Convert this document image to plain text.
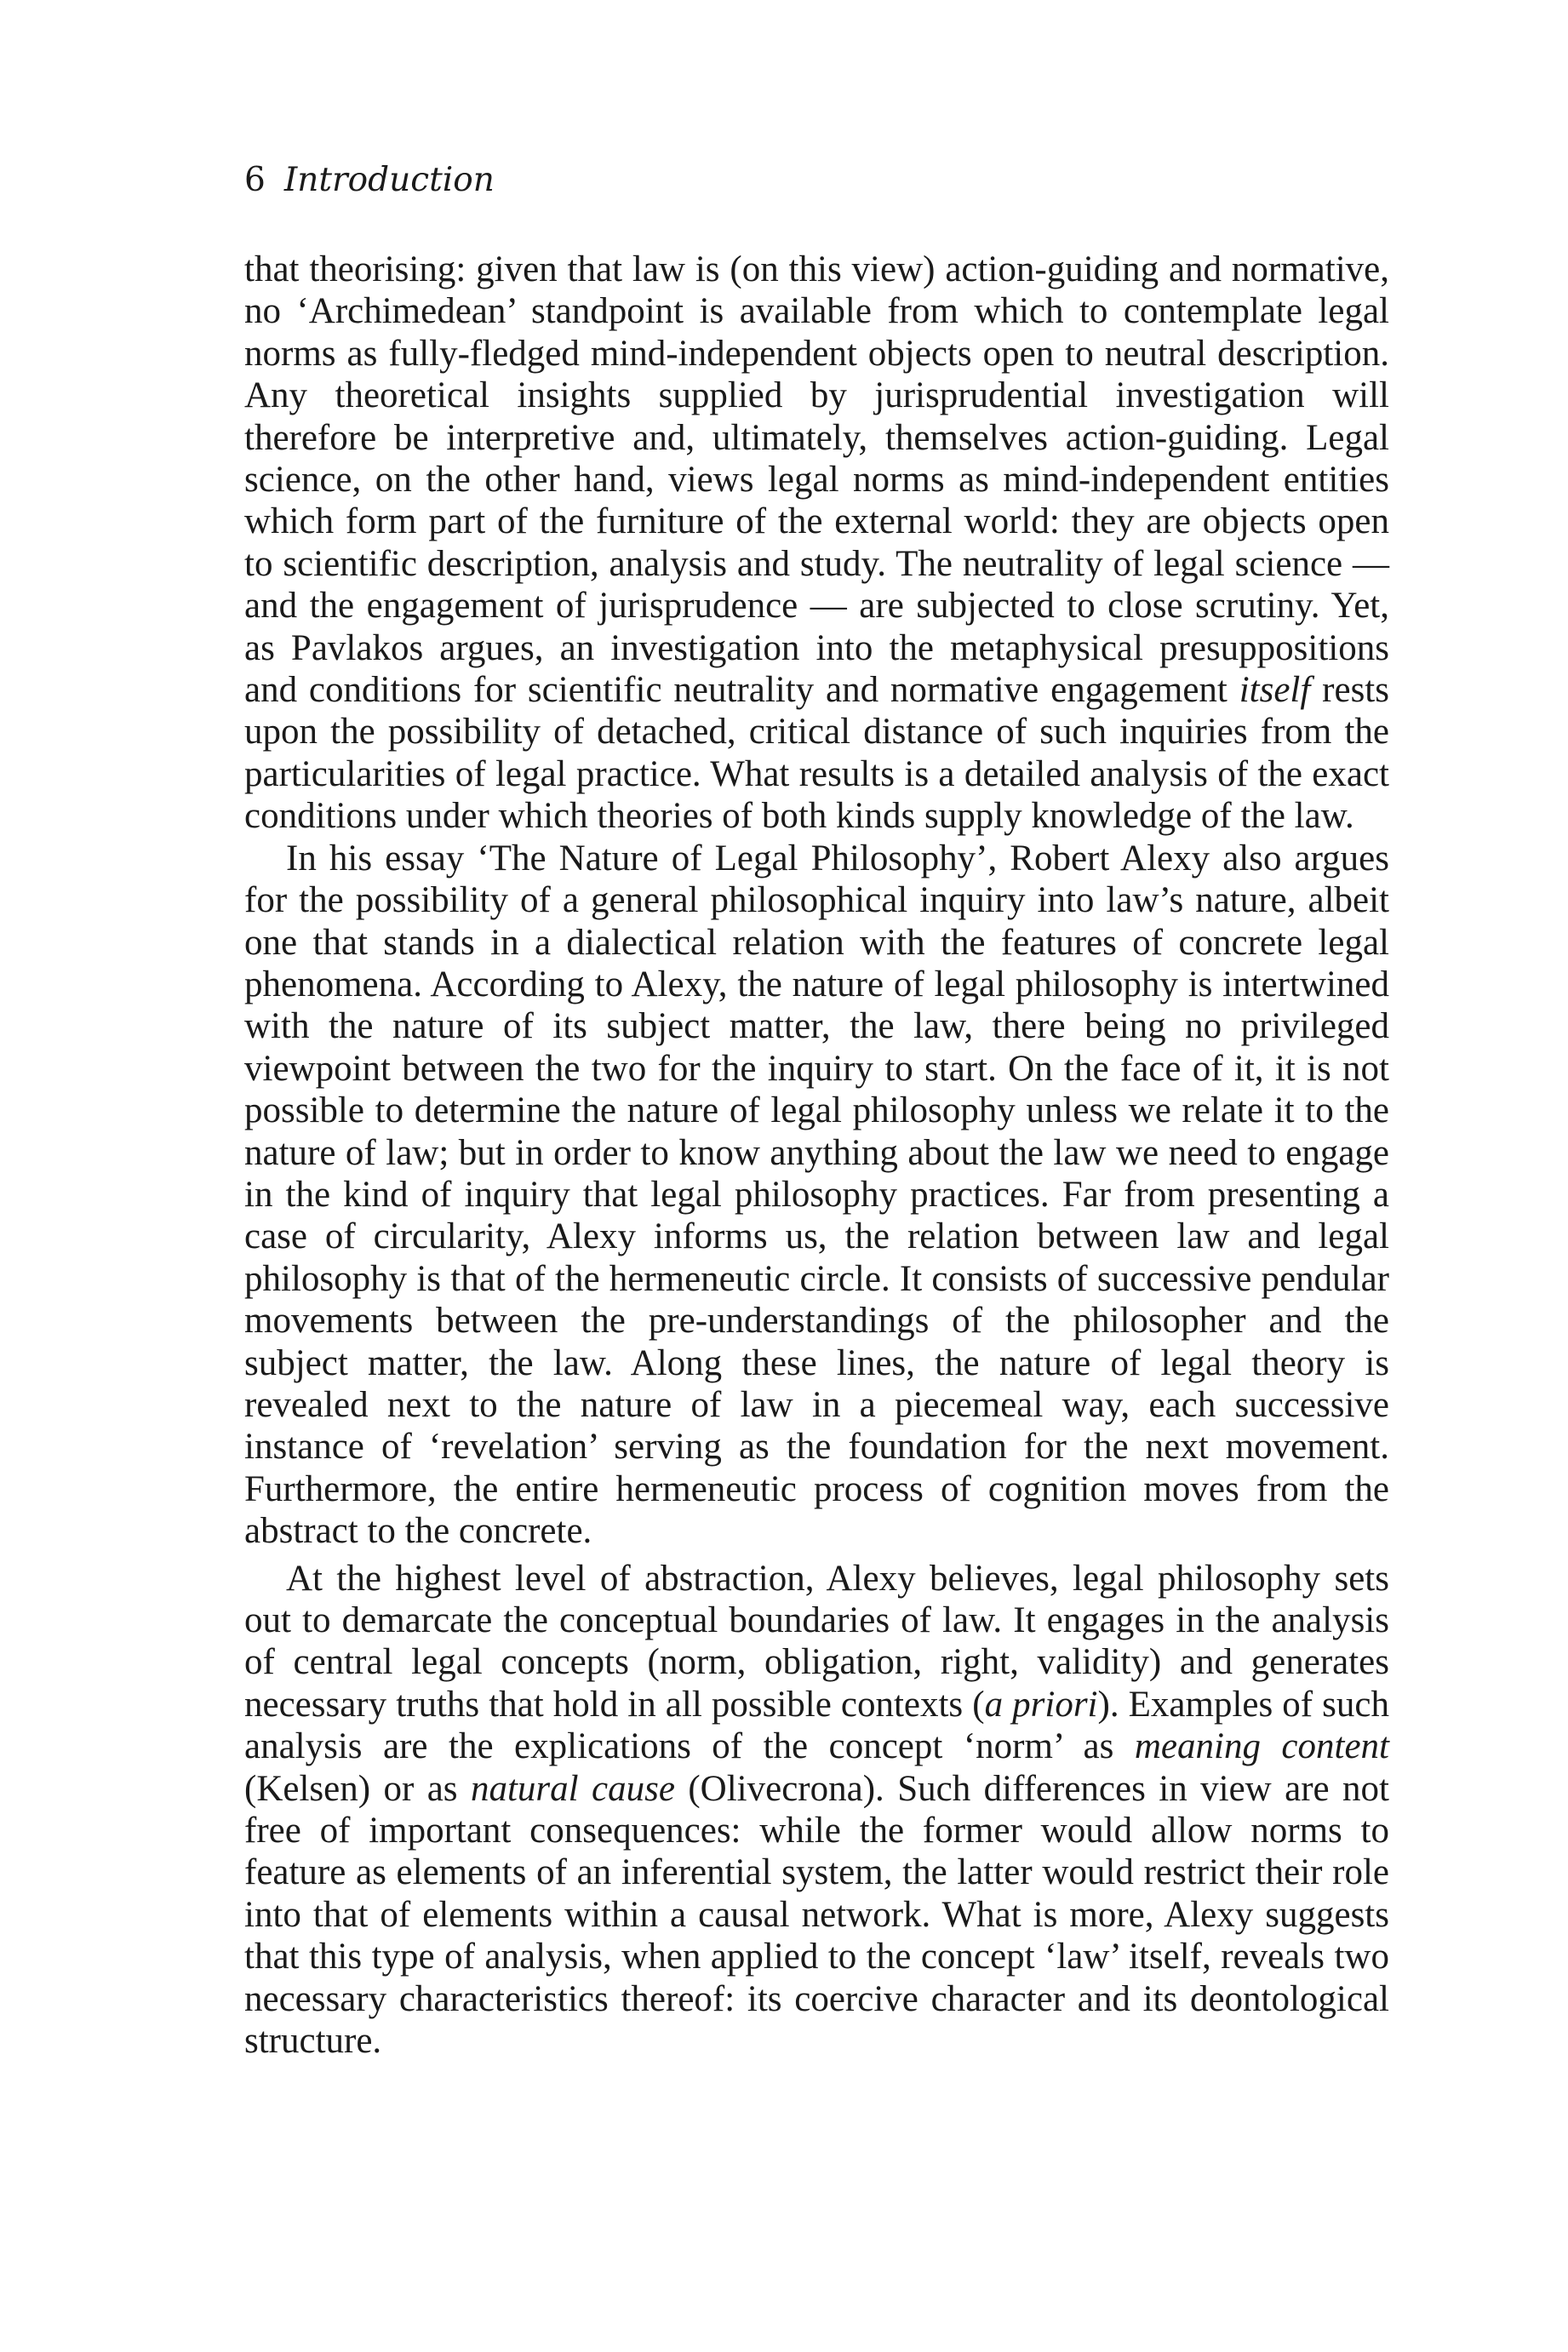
6 Introduction

that theorising: given that law is (on this view) action-guiding and normative, no ‘Archimedean’ standpoint is available from which to contemplate legal norms as fully-fledged mind-independent objects open to neutral description. Any theoretical insights supplied by jurisprudential investigation will therefore be interpretive and, ultimately, themselves action-guiding. Legal science, on the other hand, views legal norms as mind-independent entities which form part of the furniture of the external world: they are objects open to scientific description, analysis and study. The neutrality of legal science — and the engagement of jurisprudence — are subjected to close scrutiny. Yet, as Pavlakos argues, an investigation into the metaphysical presuppositions and conditions for scientific neutrality and normative engagement itself rests upon the possibility of detached, critical distance of such inquiries from the particularities of legal practice. What results is a detailed analysis of the exact conditions under which theories of both kinds supply knowledge of the law.

In his essay ‘The Nature of Legal Philosophy’, Robert Alexy also argues for the possibility of a general philosophical inquiry into law’s nature, albeit one that stands in a dialectical relation with the features of concrete legal phenomena. According to Alexy, the nature of legal philosophy is intertwined with the nature of its subject matter, the law, there being no privileged viewpoint between the two for the inquiry to start. On the face of it, it is not possible to determine the nature of legal philosophy unless we relate it to the nature of law; but in order to know anything about the law we need to engage in the kind of inquiry that legal philosophy practices. Far from presenting a case of circularity, Alexy informs us, the relation between law and legal philosophy is that of the hermeneutic circle. It consists of successive pendular movements between the pre-understandings of the philosopher and the subject matter, the law. Along these lines, the nature of legal theory is revealed next to the nature of law in a piecemeal way, each successive instance of ‘revelation’ serving as the foundation for the next movement. Furthermore, the entire hermeneutic process of cognition moves from the abstract to the concrete.

At the highest level of abstraction, Alexy believes, legal philosophy sets out to demarcate the conceptual boundaries of law. It engages in the analysis of central legal concepts (norm, obligation, right, validity) and generates necessary truths that hold in all possible contexts (a priori). Examples of such analysis are the explications of the concept ‘norm’ as meaning content (Kelsen) or as natural cause (Olivecrona). Such differences in view are not free of important consequences: while the former would allow norms to feature as elements of an inferential system, the latter would restrict their role into that of elements within a causal network. What is more, Alexy suggests that this type of analysis, when applied to the concept ‘law’ itself, reveals two necessary characteristics thereof: its coercive character and its deontological structure.
